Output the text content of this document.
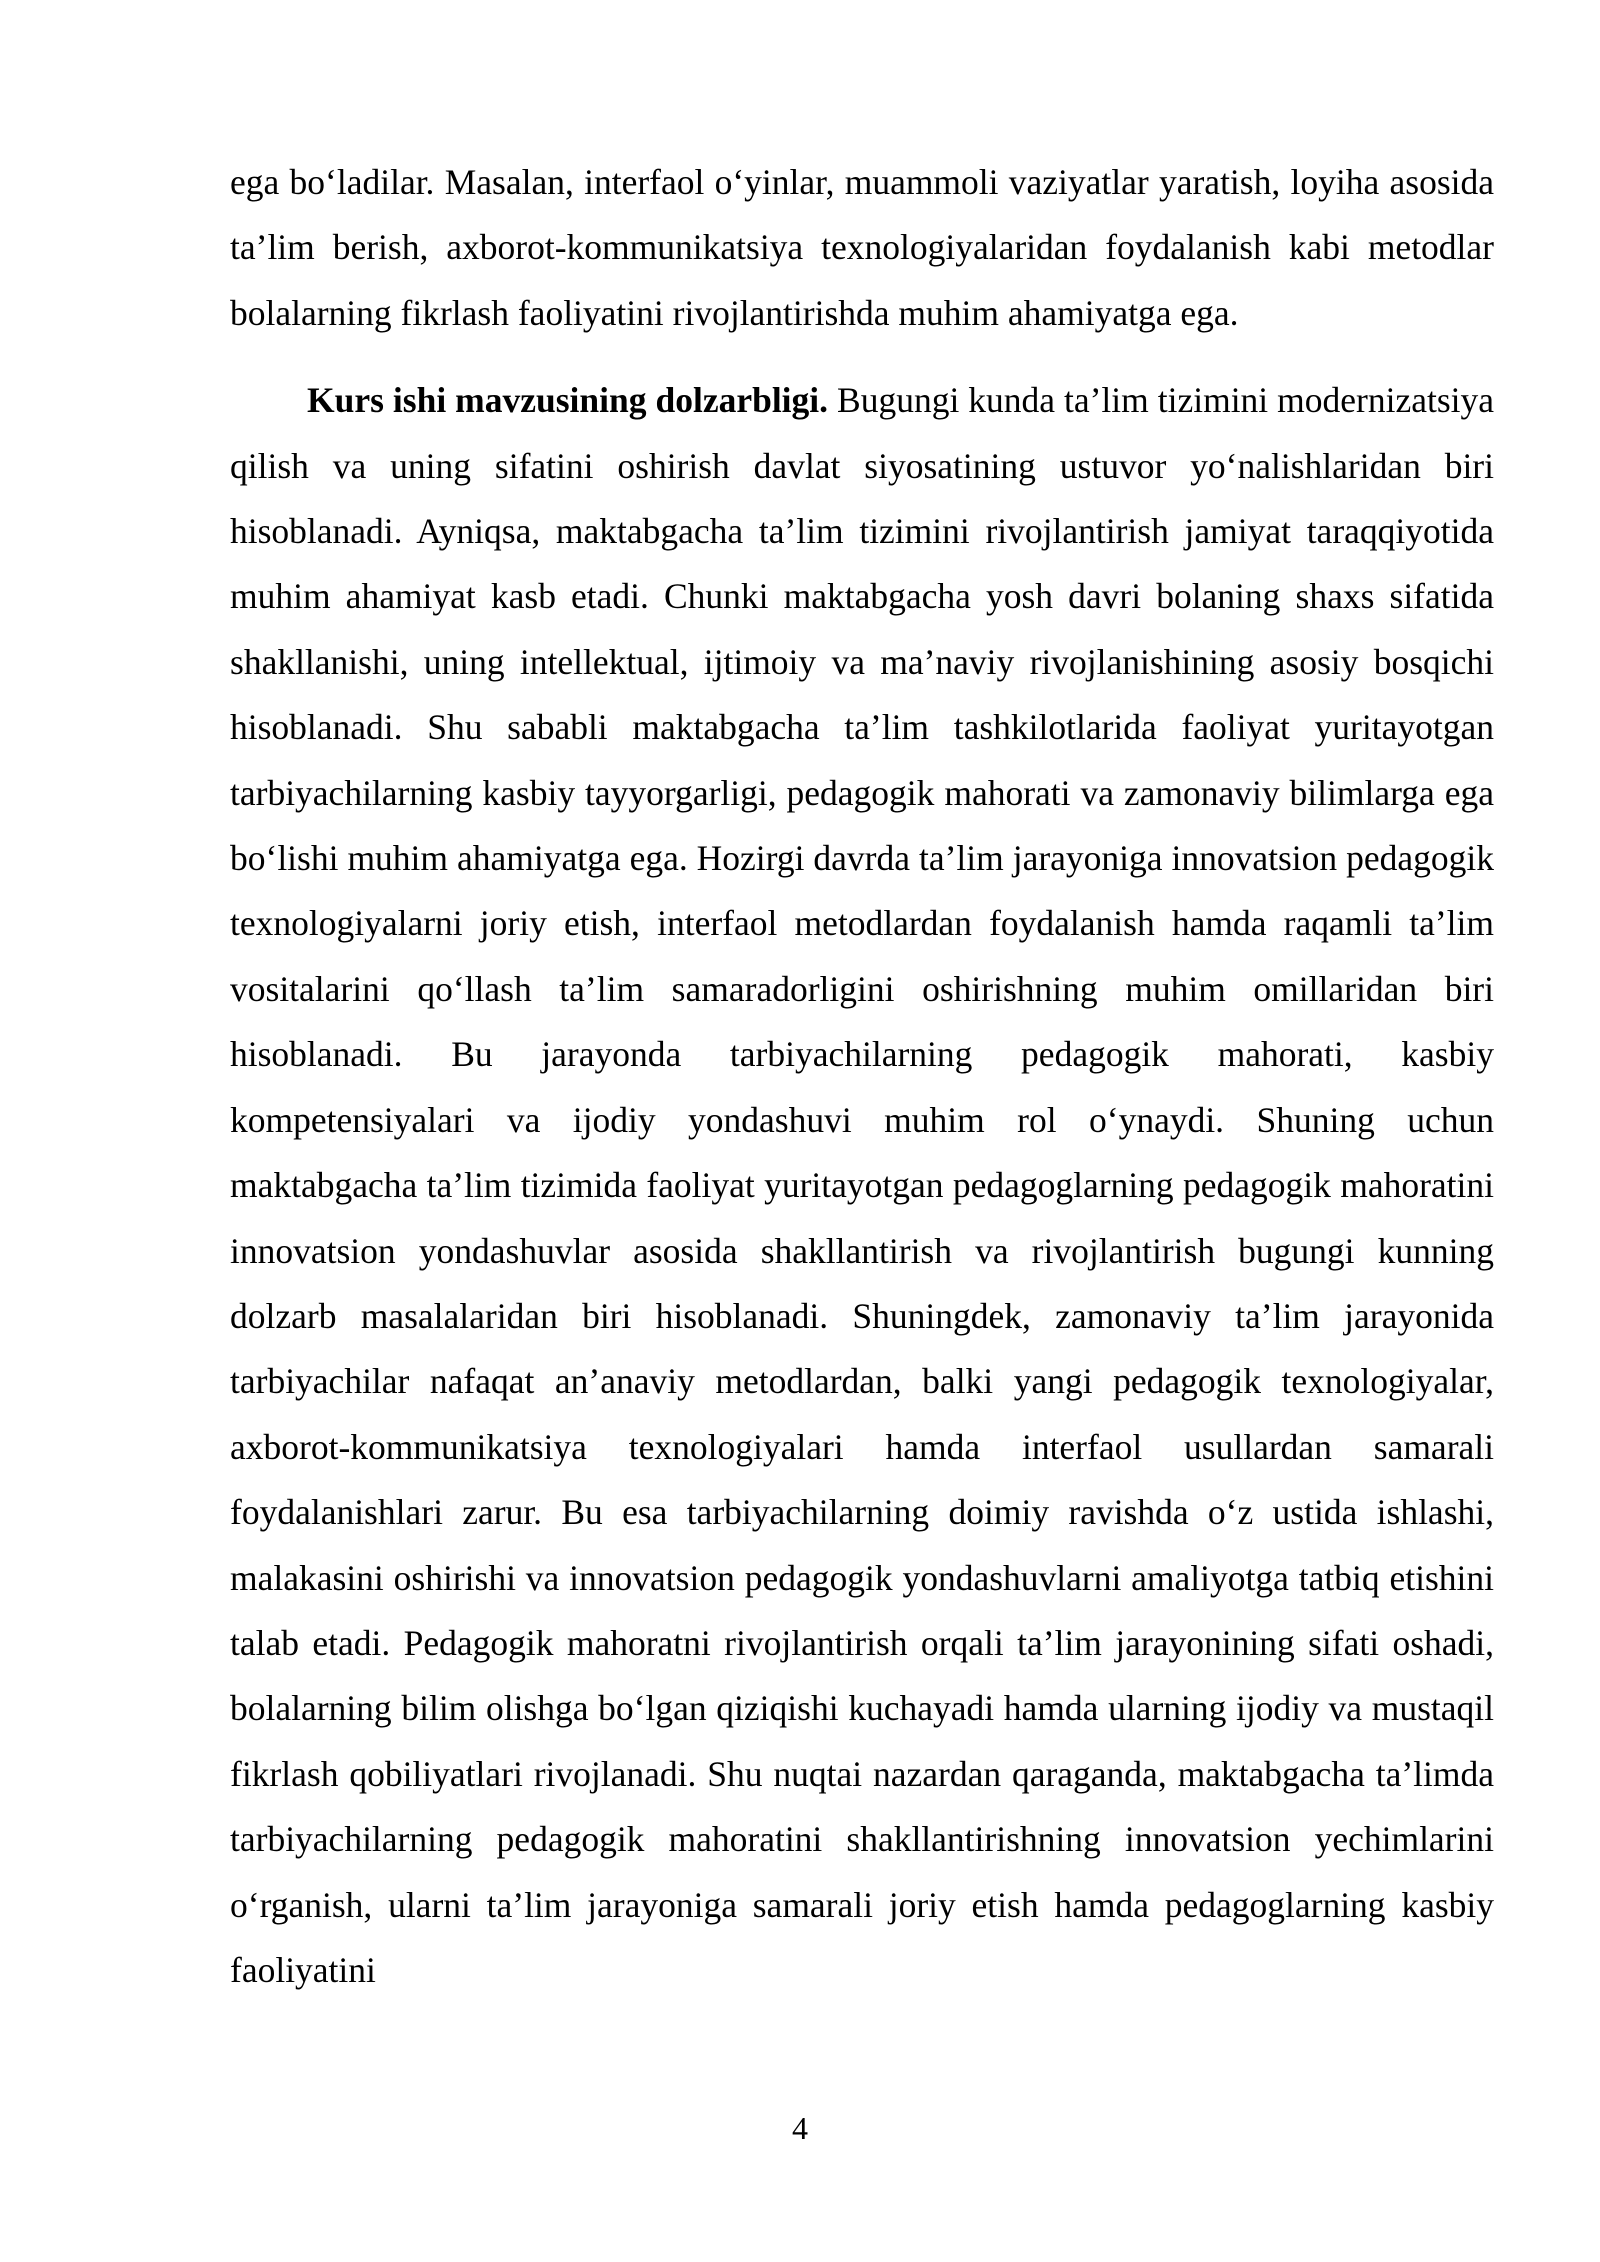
ega bo‘ladilar. Masalan, interfaol o‘yinlar, muammoli vaziyatlar yaratish, loyiha asosida ta’lim berish, axborot-kommunikatsiya texnologiyalaridan foydalanish kabi metodlar bolalarning fikrlash faoliyatini rivojlantirishda muhim ahamiyatga ega.

Kurs ishi mavzusining dolzarbligi. Bugungi kunda ta’lim tizimini modernizatsiya qilish va uning sifatini oshirish davlat siyosatining ustuvor yo‘nalishlaridan biri hisoblanadi. Ayniqsa, maktabgacha ta’lim tizimini rivojlantirish jamiyat taraqqiyotida muhim ahamiyat kasb etadi. Chunki maktabgacha yosh davri bolaning shaxs sifatida shakllanishi, uning intellektual, ijtimoiy va ma’naviy rivojlanishining asosiy bosqichi hisoblanadi. Shu sababli maktabgacha ta’lim tashkilotlarida faoliyat yuritayotgan tarbiyachilarning kasbiy tayyorgarligi, pedagogik mahorati va zamonaviy bilimlarga ega bo‘lishi muhim ahamiyatga ega. Hozirgi davrda ta’lim jarayoniga innovatsion pedagogik texnologiyalarni joriy etish, interfaol metodlardan foydalanish hamda raqamli ta’lim vositalarini qo‘llash ta’lim samaradorligini oshirishning muhim omillaridan biri hisoblanadi. Bu jarayonda tarbiyachilarning pedagogik mahorati, kasbiy kompetensiyalari va ijodiy yondashuvi muhim rol o‘ynaydi. Shuning uchun maktabgacha ta’lim tizimida faoliyat yuritayotgan pedagoglarning pedagogik mahoratini innovatsion yondashuvlar asosida shakllantirish va rivojlantirish bugungi kunning dolzarb masalalaridan biri hisoblanadi. Shuningdek, zamonaviy ta’lim jarayonida tarbiyachilar nafaqat an’anaviy metodlardan, balki yangi pedagogik texnologiyalar, axborot-kommunikatsiya texnologiyalari hamda interfaol usullardan samarali foydalanishlari zarur. Bu esa tarbiyachilarning doimiy ravishda o‘z ustida ishlashi, malakasini oshirishi va innovatsion pedagogik yondashuvlarni amaliyotga tatbiq etishini talab etadi. Pedagogik mahoratni rivojlantirish orqali ta’lim jarayonining sifati oshadi, bolalarning bilim olishga bo‘lgan qiziqishi kuchayadi hamda ularning ijodiy va mustaqil fikrlash qobiliyatlari rivojlanadi. Shu nuqtai nazardan qaraganda, maktabgacha ta’limda tarbiyachilarning pedagogik mahoratini shakllantirishning innovatsion yechimlarini o‘rganish, ularni ta’lim jarayoniga samarali joriy etish hamda pedagoglarning kasbiy faoliyatini

4
